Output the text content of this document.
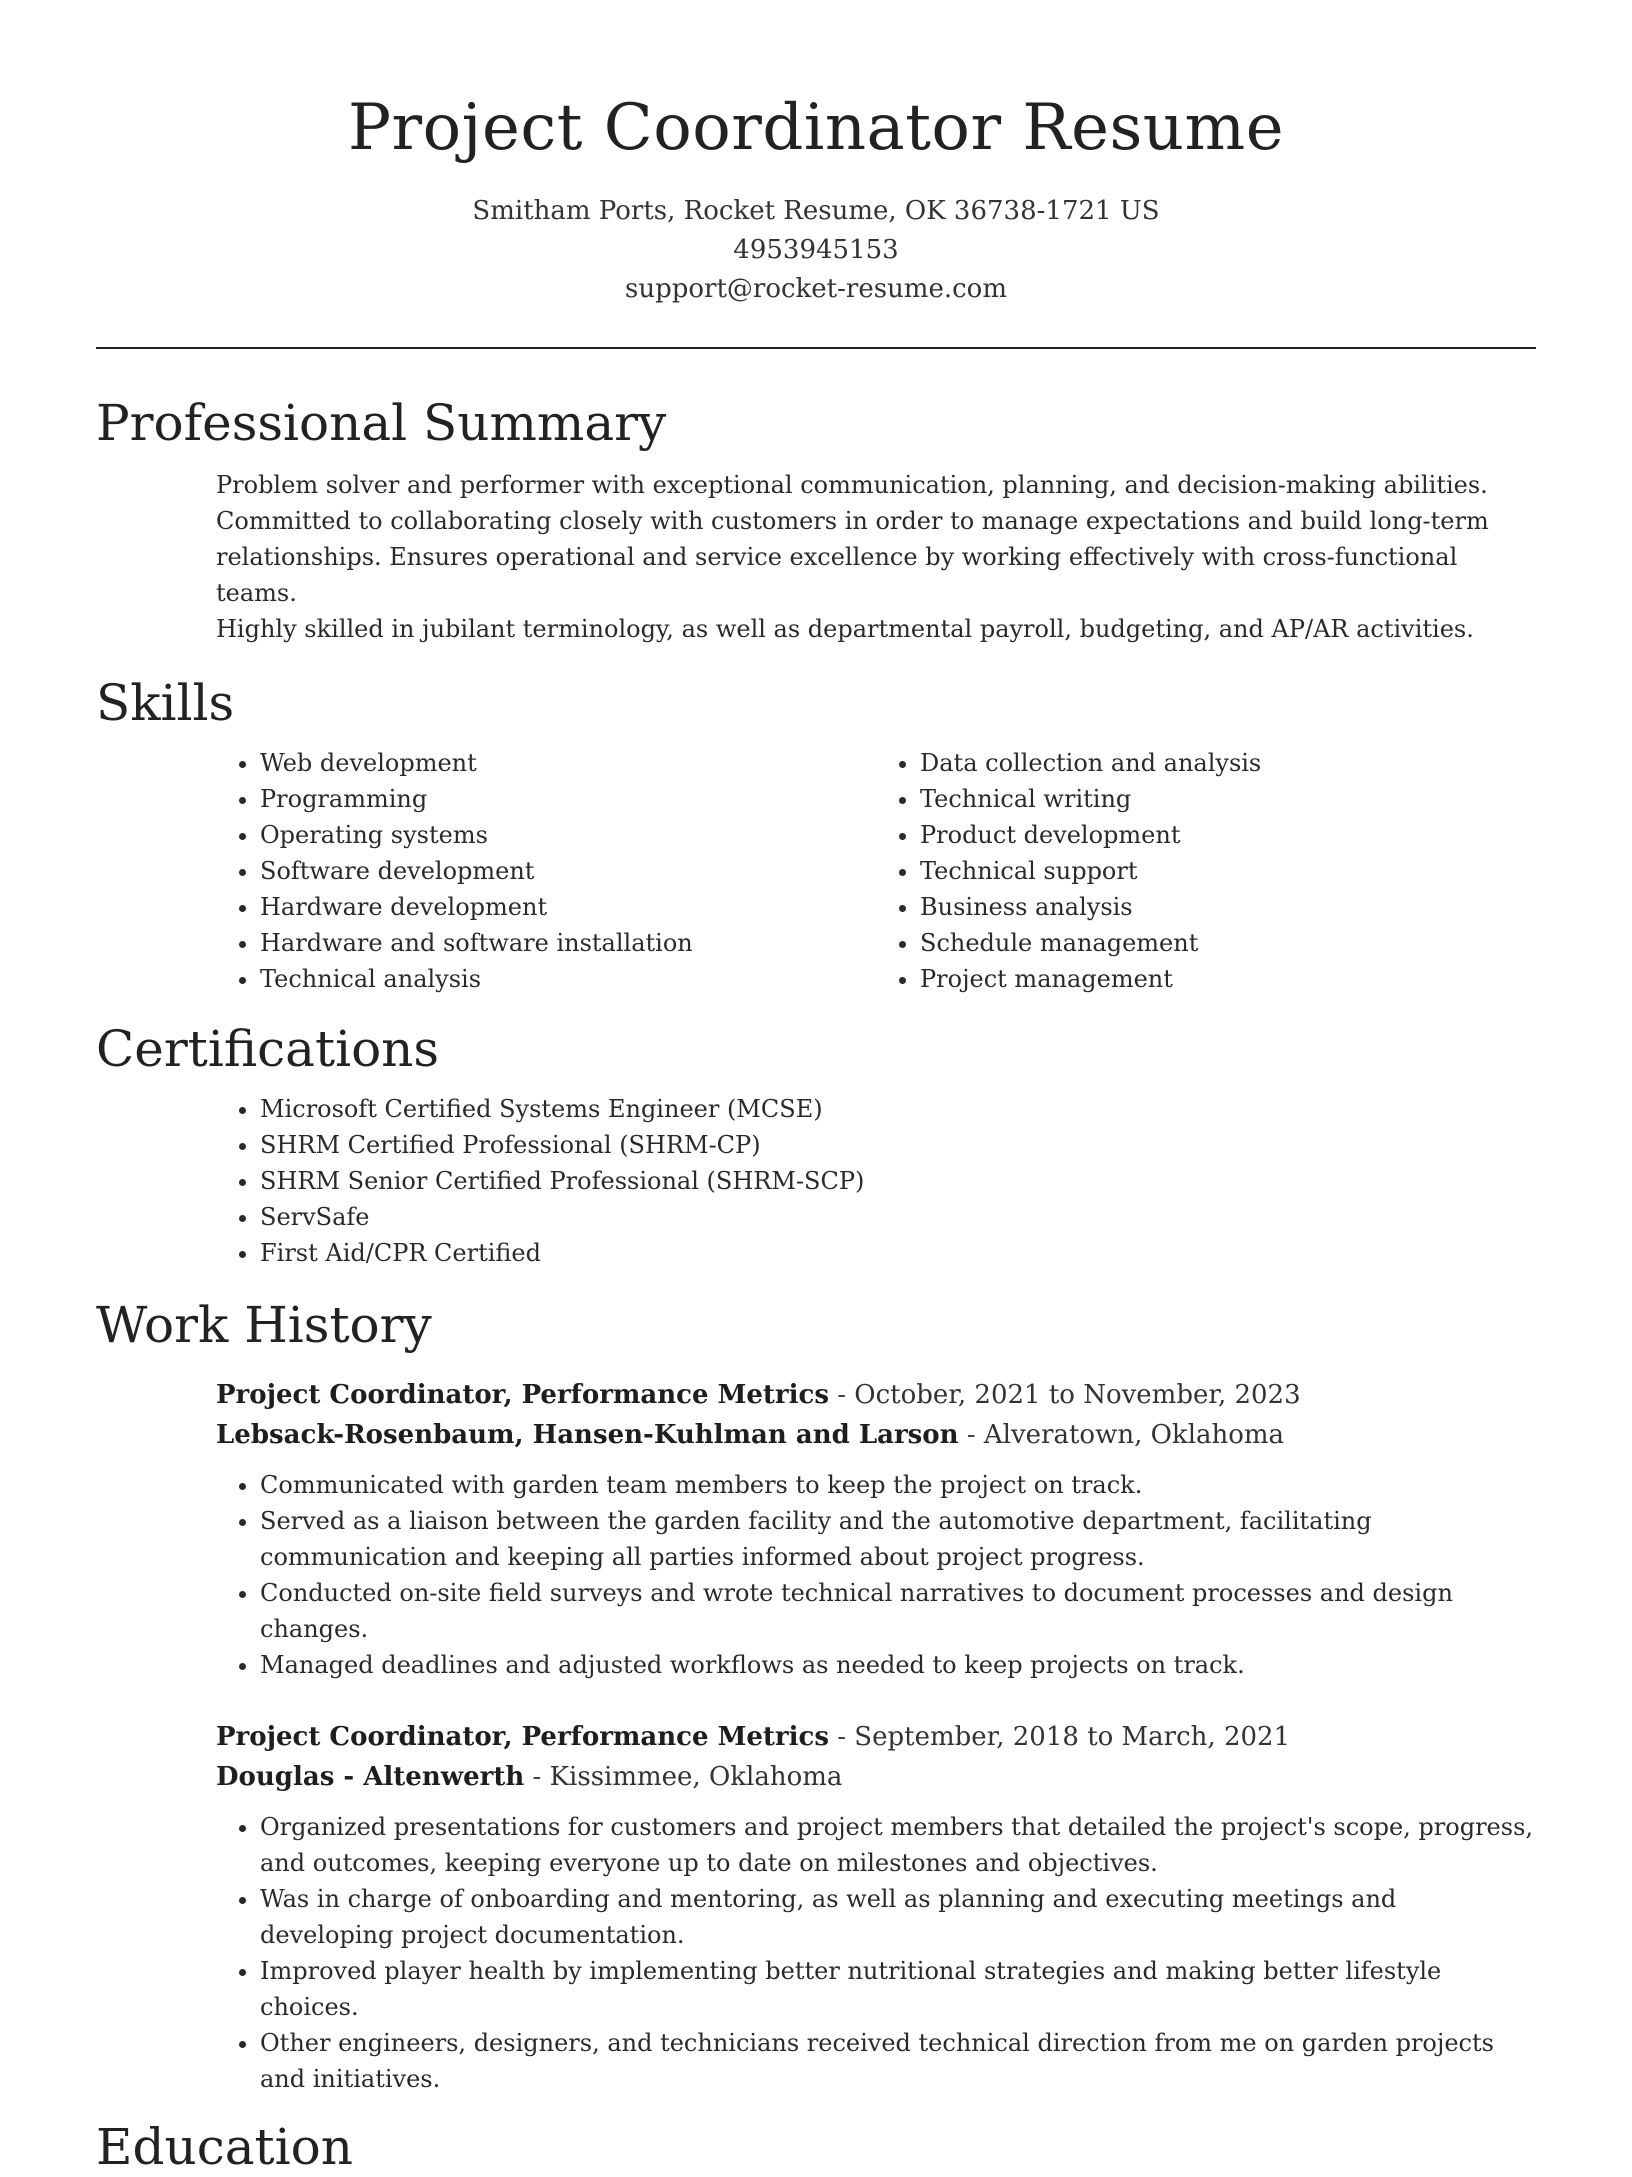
Project Coordinator Resume
Smitham Ports, Rocket Resume, OK 36738-1721 US
4953945153
support@rocket-resume.com
Professional Summary
Problem solver and performer with exceptional communication, planning, and decision-making abilities.
Committed to collaborating closely with customers in order to manage expectations and build long-term
relationships. Ensures operational and service excellence by working effectively with cross-functional teams.
Highly skilled in jubilant terminology, as well as departmental payroll, budgeting, and AP/AR activities.
Skills
• Web development
• Programming
• Operating systems
• Software development
• Hardware development
• Hardware and software installation
• Technical analysis
• Data collection and analysis
• Technical writing
• Product development
• Technical support
• Business analysis
• Schedule management
• Project management
Certifications
• Microsoft Certified Systems Engineer (MCSE)
• SHRM Certified Professional (SHRM-CP)
• SHRM Senior Certified Professional (SHRM-SCP)
• ServSafe
• First Aid/CPR Certified
Work History
Project Coordinator, Performance Metrics - October, 2021 to November, 2023
Lebsack-Rosenbaum, Hansen-Kuhlman and Larson - Alveratown, Oklahoma
• Communicated with garden team members to keep the project on track.
• Served as a liaison between the garden facility and the automotive department, facilitating communication and keeping all parties informed about project progress.
• Conducted on-site field surveys and wrote technical narratives to document processes and design changes.
• Managed deadlines and adjusted workflows as needed to keep projects on track.
Project Coordinator, Performance Metrics - September, 2018 to March, 2021
Douglas - Altenwerth - Kissimmee, Oklahoma
• Organized presentations for customers and project members that detailed the project's scope, progress, and outcomes, keeping everyone up to date on milestones and objectives.
• Was in charge of onboarding and mentoring, as well as planning and executing meetings and developing project documentation.
• Improved player health by implementing better nutritional strategies and making better lifestyle choices.
• Other engineers, designers, and technicians received technical direction from me on garden projects and initiatives.
Education
